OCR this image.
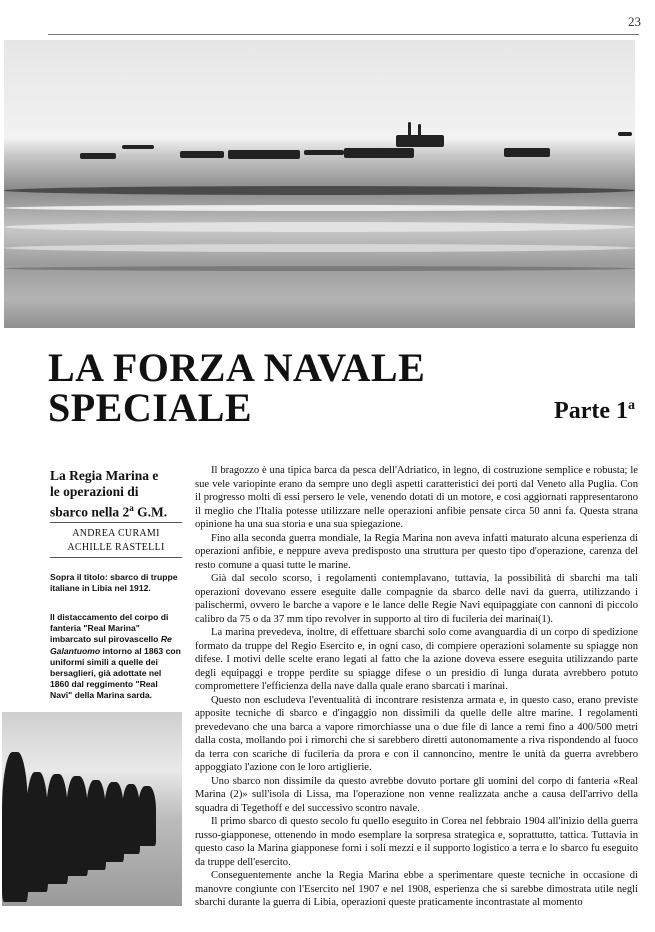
23
LA FORZA NAVALE
SPECIALE	Parte 1$^a$
La Regia Marina e
le operazioni di
sbarco nella 2$^a$ G.M.
ANDREA CURAMI
ACHILLE RASTELLI
Sopra il titolo: sbarco di truppe italiane in Libia nel 1912.
Il distaccamento del corpo di fanteria "Real Marina" imbarcato sul pirovascello Re Galantuomo intorno al 1863 con uniformi simili a quelle dei bersaglieri, già adottate nel 1860 dal reggimento "Real Navi" della Marina sarda.

Il bragozzo è una tipica barca da pesca dell'Adriatico, in legno, di costruzione semplice e robusta; le sue vele variopinte erano da sempre uno degli aspetti caratteristici dei porti dal Veneto alla Puglia. Con il progresso molti di essi persero le vele, venendo dotati di un motore, e così aggiornati rappresentarono il meglio che l'Italia potesse utilizzare nelle operazioni anfibie pensate circa 50 anni fa. Questa strana opinione ha una sua storia e una sua spiegazione.

Fino alla seconda guerra mondiale, la Regia Marina non aveva infatti maturato alcuna esperienza di operazioni anfibie, e neppure aveva predisposto una struttura per questo tipo d'operazione, carenza del resto comune a quasi tutte le marine.

Già dal secolo scorso, i regolamenti contemplavano, tuttavia, la possibilità di sbarchi ma tali operazioni dovevano essere eseguite dalle compagnie da sbarco delle navi da guerra, utilizzando i palischermi, ovvero le barche a vapore e le lance delle Regie Navi equipaggiate con cannoni di piccolo calibro da 75 o da 37 mm tipo revolver in supporto al tiro di fucileria dei marinai(1).

La marina prevedeva, inoltre, di effettuare sbarchi solo come avanguardia di un corpo di spedizione formato da truppe del Regio Esercito e, in ogni caso, di compiere operazioni solamente su spiagge non difese. I motivi delle scelte erano legati al fatto che la azione doveva essere eseguita utilizzando parte degli equipaggi e troppe perdite su spiagge difese o un presidio di lunga durata avrebbero potuto compromettere l'efficienza della nave dalla quale erano sbarcati i marinai.

Questo non escludeva l'eventualità di incontrare resistenza armata e, in questo caso, erano previste apposite tecniche di sbarco e d'ingaggio non dissimili da quelle delle altre marine. I regolamenti prevedevano che una barca a vapore rimorchiasse una o due file di lance a remi fino a 400/500 metri dalla costa, mollando poi i rimorchi che si sarebbero diretti autonomamente a riva rispondendo al fuoco da terra con scariche di fucileria da prora e con il cannoncino, mentre le unità da guerra avrebbero appoggiato l'azione con le loro artiglierie.

Uno sbarco non dissimile da questo avrebbe dovuto portare gli uomini del corpo di fanteria «Real Marina (2)» sull'isola di Lissa, ma l'operazione non venne realizzata anche a causa dell'arrivo della squadra di Tegethoff e del successivo scontro navale.

Il primo sbarco di questo secolo fu quello eseguito in Corea nel febbraio 1904 all'inizio della guerra russo-giapponese, ottenendo in modo esemplare la sorpresa strategica e, soprattutto, tattica. Tuttavia in questo caso la Marina giapponese fornì i soli mezzi e il supporto logistico a terra e lo sbarco fu eseguito da truppe dell'esercito.

Conseguentemente anche la Regia Marina ebbe a sperimentare queste tecniche in occasione di manovre congiunte con l'Esercito nel 1907 e nel 1908, esperienza che si sarebbe dimostrata utile negli sbarchi durante la guerra di Libia, operazioni queste praticamente incontrastate al momento
